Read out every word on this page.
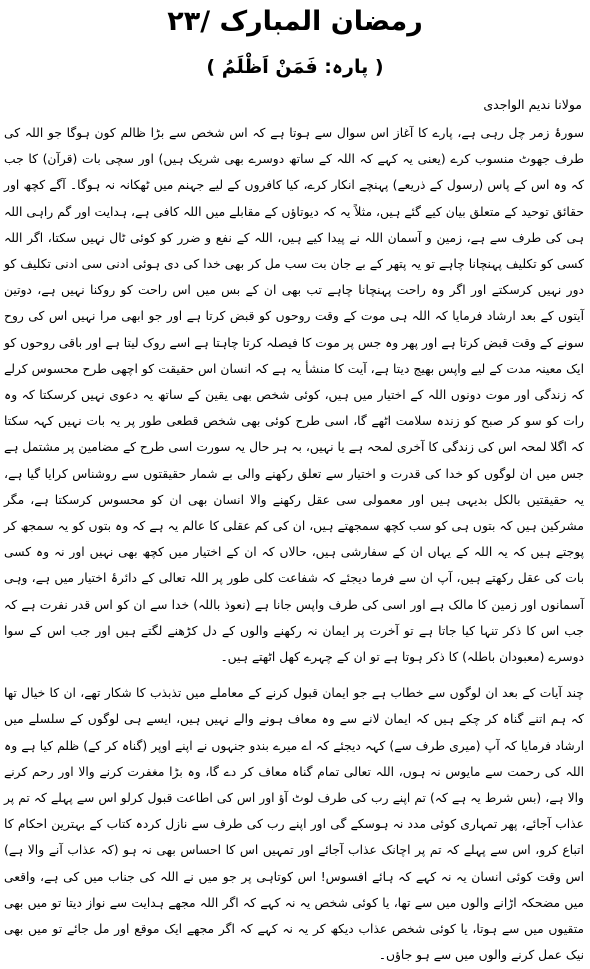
۲۳/ رمضان المبارک
( پارہ: فَمَنْ اَظْلَمُ )
مولانا ندیم الواجدی

سورۂ زمر چل رہی ہے، پارے کا آغاز اس سوال سے ہوتا ہے کہ اس شخص سے بڑا ظالم کون ہوگا جو اللہ کی طرف جھوٹ منسوب کرے (یعنی یہ کہے کہ اللہ کے ساتھ دوسرے بھی شریک ہیں) اور سچی بات (قرآن) کا جب کہ وہ اس کے پاس (رسول کے ذریعے) پہنچے انکار کرے، کیا کافروں کے لیے جہنم میں ٹھکانہ نہ ہوگا۔ آگے کچھ اور حقائق توحید کے متعلق بیان کیے گئے ہیں، مثلاً یہ کہ دیوتاؤں کے مقابلے میں اللہ کافی ہے، ہدایت اور گم راہی اللہ ہی کی طرف سے ہے، زمین و آسمان اللہ نے پیدا کیے ہیں، اللہ کے نفع و ضرر کو کوئی ٹال نہیں سکتا، اگر اللہ کسی کو تکلیف پہنچانا چاہے تو یہ پتھر کے بے جان بت سب مل کر بھی خدا کی دی ہوئی ادنی سی ادنی تکلیف کو دور نہیں کرسکتے اور اگر وہ راحت پہنچانا چاہے تب بھی ان کے بس میں اس راحت کو روکنا نہیں ہے، دوتین آیتوں کے بعد ارشاد فرمایا کہ اللہ ہی موت کے وقت روحوں کو قبض کرتا ہے اور جو ابھی مرا نہیں اس کی روح سونے کے وقت قبض کرتا ہے اور پھر وہ جس پر موت کا فیصلہ کرتا چاہتا ہے اسے روک لیتا ہے اور باقی روحوں کو ایک معینہ مدت کے لیے واپس بھیج دیتا ہے، آیت کا منشأ یہ ہے کہ انسان اس حقیقت کو اچھی طرح محسوس کرلے کہ زندگی اور موت دونوں اللہ کے اختیار میں ہیں، کوئی شخص بھی یقین کے ساتھ یہ دعوی نہیں کرسکتا کہ وہ رات کو سو کر صبح کو زندہ سلامت اٹھے گا، اسی طرح کوئی بھی شخص قطعی طور پر یہ بات نہیں کہہ سکتا کہ اگلا لمحہ اس کی زندگی کا آخری لمحہ ہے یا نہیں، بہ ہر حال یہ سورت اسی طرح کے مضامین پر مشتمل ہے جس میں ان لوگوں کو خدا کی قدرت و اختیار سے تعلق رکھنے والی بے شمار حقیقتوں سے روشناس کرایا گیا ہے، یہ حقیقتیں بالکل بدیہی ہیں اور معمولی سی عقل رکھنے والا انسان بھی ان کو محسوس کرسکتا ہے، مگر مشرکین ہیں کہ بتوں ہی کو سب کچھ سمجھتے ہیں، ان کی کم عقلی کا عالم یہ ہے کہ وہ بتوں کو یہ سمجھ کر پوجتے ہیں کہ یہ اللہ کے یہاں ان کے سفارشی ہیں، حالاں کہ ان کے اختیار میں کچھ بھی نہیں اور نہ وہ کسی بات کی عقل رکھتے ہیں، آپ ان سے فرما دیجئے کہ شفاعت کلی طور پر اللہ تعالی کے دائرۂ اختیار میں ہے، وہی آسمانوں اور زمین کا مالک ہے اور اسی کی طرف واپس جانا ہے (نعوذ باللہ) خدا سے ان کو اس قدر نفرت ہے کہ جب اس کا ذکر تنہا کیا جاتا ہے تو آخرت پر ایمان نہ رکھنے والوں کے دل کڑھنے لگتے ہیں اور جب اس کے سوا دوسرے (معبودان باطلہ) کا ذکر ہوتا ہے تو ان کے چہرے کھل اٹھتے ہیں۔

چند آیات کے بعد ان لوگوں سے خطاب ہے جو ایمان قبول کرنے کے معاملے میں تذبذب کا شکار تھے، ان کا خیال تھا کہ ہم اتنے گناہ کر چکے ہیں کہ ایمان لانے سے وہ معاف ہونے والے نہیں ہیں، ایسے ہی لوگوں کے سلسلے میں ارشاد فرمایا کہ آپ (میری طرف سے) کہہ دیجئے کہ اے میرے بندو جنہوں نے اپنے اوپر (گناہ کر کے) ظلم کیا ہے وہ اللہ کی رحمت سے مایوس نہ ہوں، اللہ تعالی تمام گناہ معاف کر دے گا، وہ بڑا مغفرت کرنے والا اور رحم کرنے والا ہے، (بس شرط یہ ہے کہ) تم اپنے رب کی طرف لوٹ آؤ اور اس کی اطاعت قبول کرلو اس سے پہلے کہ تم پر عذاب آجائے، پھر تمہاری کوئی مدد نہ ہوسکے گی اور اپنے رب کی طرف سے نازل کردہ کتاب کے بہترین احکام کا اتباع کرو، اس سے پہلے کہ تم پر اچانک عذاب آجائے اور تمہیں اس کا احساس بھی نہ ہو (کہ عذاب آنے والا ہے) اس وقت کوئی انسان یہ نہ کہے کہ ہائے افسوس! اس کوتاہی پر جو میں نے اللہ کی جناب میں کی ہے، واقعی میں مضحکہ اڑانے والوں میں سے تھا، یا کوئی شخص یہ نہ کہے کہ اگر اللہ مجھے ہدایت سے نواز دیتا تو میں بھی متقیوں میں سے ہوتا، یا کوئی شخص عذاب دیکھ کر یہ نہ کہے کہ اگر مجھے ایک موقع اور مل جائے تو میں بھی نیک عمل کرنے والوں میں سے ہو جاؤں۔
